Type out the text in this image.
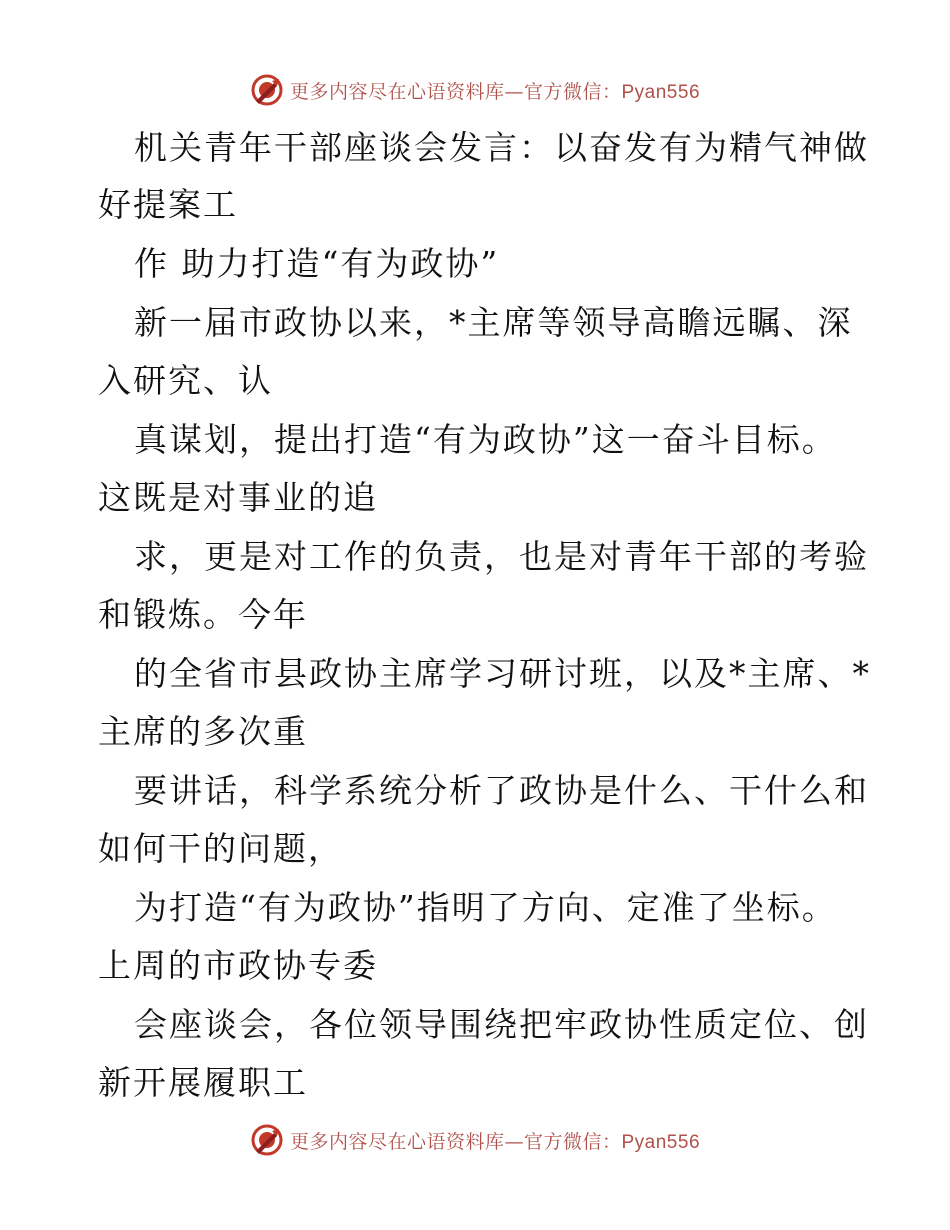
更多内容尽在心语资料库—官方微信：Pyan556
机关青年干部座谈会发言：以奋发有为精气神做
好提案工
作 助力打造“有为政协”
新一届市政协以来，*主席等领导高瞻远瞩、深
入研究、认
真谋划，提出打造“有为政协”这一奋斗目标。
这既是对事业的追
求，更是对工作的负责，也是对青年干部的考验
和锻炼。今年
的全省市县政协主席学习研讨班，以及*主席、*
主席的多次重
要讲话，科学系统分析了政协是什么、干什么和
如何干的问题，
为打造“有为政协”指明了方向、定准了坐标。
上周的市政协专委
会座谈会，各位领导围绕把牢政协性质定位、创
新开展履职工
更多内容尽在心语资料库—官方微信：Pyan556
